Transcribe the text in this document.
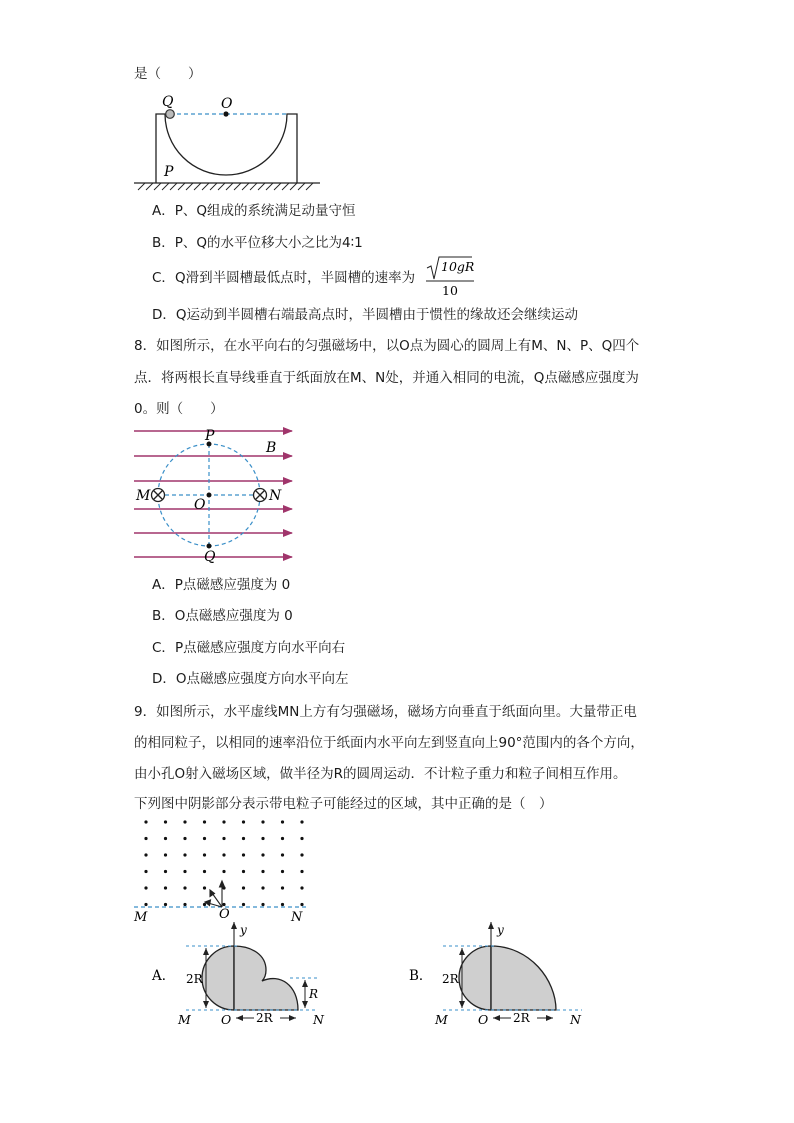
是（　　）
Q	O
P
A．P、Q组成的系统满足动量守恒
B．P、Q的水平位移大小之比为4∶1
C．Q滑到半圆槽最低点时，半圆槽的速率为
10gR
10
D．Q运动到半圆槽右端最高点时，半圆槽由于惯性的缘故还会继续运动
8．如图所示，在水平向右的匀强磁场中，以O点为圆心的圆周上有M、N、P、Q四个
点．将两根长直导线垂直于纸面放在M、N处，并通入相同的电流，Q点磁感应强度为
0。则（　　）
P
B
M	N
O
Q
A．P点磁感应强度为 0
B．O点磁感应强度为 0
C．P点磁感应强度方向水平向右
D．O点磁感应强度方向水平向左
9．如图所示，水平虚线MN上方有匀强磁场，磁场方向垂直于纸面向里。大量带正电
的相同粒子，以相同的速率沿位于纸面内水平向左到竖直向上90°范围内的各个方向，
由小孔O射入磁场区域，做半径为R的圆周运动．不计粒子重力和粒子间相互作用。
下列图中阴影部分表示带电粒子可能经过的区域，其中正确的是（　）
M	O	N
A．
y
2R
R
2R
M O	N
B．
y
2R
2R
M O	N
